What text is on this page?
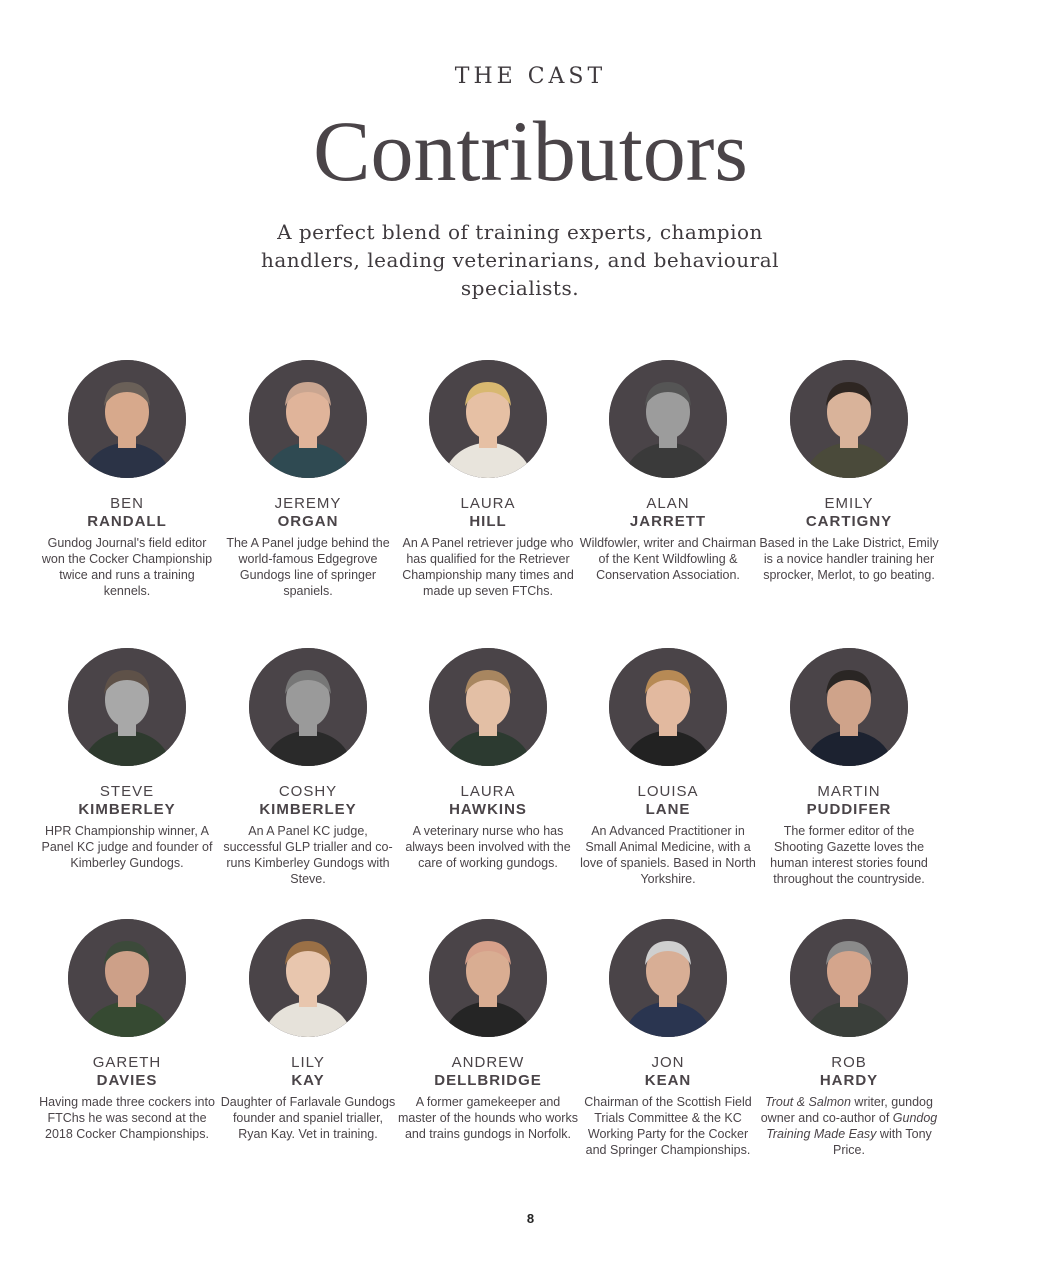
THE CAST
Contributors
A perfect blend of training experts, champion handlers, leading veterinarians, and behavioural specialists.
BEN
RANDALL
Gundog Journal's field editor won the Cocker Championship twice and runs a training kennels.
JEREMY
ORGAN
The A Panel judge behind the world-famous Edgegrove Gundogs line of springer spaniels.
LAURA
HILL
An A Panel retriever judge who has qualified for the Retriever Championship many times and made up seven FTChs.
ALAN
JARRETT
Wildfowler, writer and Chairman of the Kent Wildfowling & Conservation Association.
EMILY
CARTIGNY
Based in the Lake District, Emily is a novice handler training her sprocker, Merlot, to go beating.
STEVE
KIMBERLEY
HPR Championship winner, A Panel KC judge and founder of Kimberley Gundogs.
COSHY
KIMBERLEY
An A Panel KC judge, successful GLP trialler and co-runs Kimberley Gundogs with Steve.
LAURA
HAWKINS
A veterinary nurse who has always been involved with the care of working gundogs.
LOUISA
LANE
An Advanced Practitioner in Small Animal Medicine, with a love of spaniels. Based in North Yorkshire.
MARTIN
PUDDIFER
The former editor of the Shooting Gazette loves the human interest stories found throughout the countryside.
GARETH
DAVIES
Having made three cockers into FTChs he was second at the 2018 Cocker Championships.
LILY
KAY
Daughter of Farlavale Gundogs founder and spaniel trialler, Ryan Kay. Vet in training.
ANDREW
DELLBRIDGE
A former gamekeeper and master of the hounds who works and trains gundogs in Norfolk.
JON
KEAN
Chairman of the Scottish Field Trials Committee & the KC Working Party for the Cocker and Springer Championships.
ROB
HARDY
Trout & Salmon writer, gundog owner and co-author of Gundog Training Made Easy with Tony Price.
8
